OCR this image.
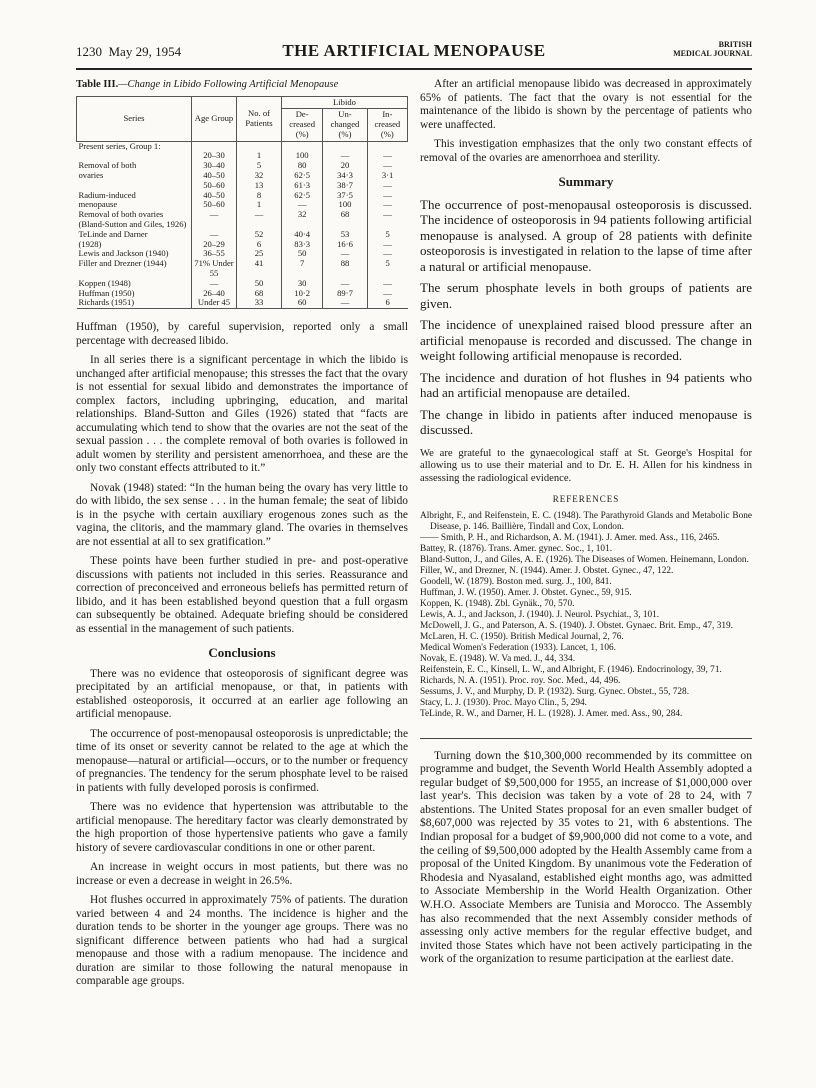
1230 May 29, 1954	THE ARTIFICIAL MENOPAUSE	BRITISH
MEDICAL JOURNAL
Table III.—Change in Libido Following Artificial Menopause
Series	Age Group	No. of Patients	Libido		
			De- creased (%)	Un- changed (%)	In- creased (%)
Present series, Group 1:					
	20–30	1	100	—	—
Removal of both	30–40	5	80	20	—
ovaries	40–50	32	62·5	34·3	3·1
	50–60	13	61·3	38·7	—
Radium-induced	40–50	8	62·5	37·5	—
menopause	50–60	1	—	100	—
Removal of both ovaries (Bland-Sutton and Giles, 1926)	—	—	32	68	—
TeLinde and Darner	—	52	40·4	53	5
(1928)	20–29	6	83·3	16·6	—
Lewis and Jackson (1940)	36–55	25	50	—	—
Filler and Drezner (1944)	71% Under 55	41	7	88	5
Koppen (1948)	—	50	30	—	—
Huffman (1950)	26–40	68	10·2	89·7	—
Richards (1951)	Under 45	33	60	—	6

Huffman (1950), by careful supervision, reported only a small percentage with decreased libido.

In all series there is a significant percentage in which the libido is unchanged after artificial menopause; this stresses the fact that the ovary is not essential for sexual libido and demonstrates the importance of complex factors, including upbringing, education, and marital relationships. Bland-Sutton and Giles (1926) stated that “facts are accumulating which tend to show that the ovaries are not the seat of the sexual passion . . . the complete removal of both ovaries is followed in adult women by sterility and persistent amenorrhoea, and these are the only two constant effects attributed to it.”

Novak (1948) stated: “In the human being the ovary has very little to do with libido, the sex sense . . . in the human female; the seat of libido is in the psyche with certain auxiliary erogenous zones such as the vagina, the clitoris, and the mammary gland. The ovaries in themselves are not essential at all to sex gratification.”

These points have been further studied in pre- and post-operative discussions with patients not included in this series. Reassurance and correction of preconceived and erroneous beliefs has permitted return of libido, and it has been established beyond question that a full orgasm can subsequently be obtained. Adequate briefing should be considered as essential in the management of such patients.

Conclusions

There was no evidence that osteoporosis of significant degree was precipitated by an artificial menopause, or that, in patients with established osteoporosis, it occurred at an earlier age following an artificial menopause.

The occurrence of post-menopausal osteoporosis is unpredictable; the time of its onset or severity cannot be related to the age at which the menopause—natural or artificial—occurs, or to the number or frequency of pregnancies. The tendency for the serum phosphate level to be raised in patients with fully developed porosis is confirmed.

There was no evidence that hypertension was attributable to the artificial menopause. The hereditary factor was clearly demonstrated by the high proportion of those hypertensive patients who gave a family history of severe cardiovascular conditions in one or other parent.

An increase in weight occurs in most patients, but there was no increase or even a decrease in weight in 26.5%.

Hot flushes occurred in approximately 75% of patients. The duration varied between 4 and 24 months. The incidence is higher and the duration tends to be shorter in the younger age groups. There was no significant difference between patients who had had a surgical menopause and those with a radium menopause. The incidence and duration are similar to those following the natural menopause in comparable age groups.

After an artificial menopause libido was decreased in approximately 65% of patients. The fact that the ovary is not essential for the maintenance of the libido is shown by the percentage of patients who were unaffected.

This investigation emphasizes that the only two constant effects of removal of the ovaries are amenorrhoea and sterility.

Summary

The occurrence of post-menopausal osteoporosis is discussed. The incidence of osteoporosis in 94 patients following artificial menopause is analysed. A group of 28 patients with definite osteoporosis is investigated in relation to the lapse of time after a natural or artificial menopause.

The serum phosphate levels in both groups of patients are given.

The incidence of unexplained raised blood pressure after an artificial menopause is recorded and discussed. The change in weight following artificial menopause is recorded.

The incidence and duration of hot flushes in 94 patients who had an artificial menopause are detailed.

The change in libido in patients after induced menopause is discussed.

We are grateful to the gynaecological staff at St. George's Hospital for allowing us to use their material and to Dr. E. H. Allen for his kindness in assessing the radiological evidence.

REFERENCES

Albright, F., and Reifenstein, E. C. (1948). The Parathyroid Glands and Metabolic Bone Disease, p. 146. Baillière, Tindall and Cox, London.

—— Smith, P. H., and Richardson, A. M. (1941). J. Amer. med. Ass., 116, 2465.

Battey, R. (1876). Trans. Amer. gynec. Soc., 1, 101.

Bland-Sutton, J., and Giles, A. E. (1926). The Diseases of Women. Heinemann, London.

Filler, W., and Drezner, N. (1944). Amer. J. Obstet. Gynec., 47, 122.

Goodell, W. (1879). Boston med. surg. J., 100, 841.

Huffman, J. W. (1950). Amer. J. Obstet. Gynec., 59, 915.

Koppen, K. (1948). Zbl. Gynäk., 70, 570.

Lewis, A. J., and Jackson, J. (1940). J. Neurol. Psychiat., 3, 101.

McDowell, J. G., and Paterson, A. S. (1940). J. Obstet. Gynaec. Brit. Emp., 47, 319.

McLaren, H. C. (1950). British Medical Journal, 2, 76.

Medical Women's Federation (1933). Lancet, 1, 106.

Novak, E. (1948). W. Va med. J., 44, 334.

Reifenstein, E. C., Kinsell, L. W., and Albright, F. (1946). Endocrinology, 39, 71.

Richards, N. A. (1951). Proc. roy. Soc. Med., 44, 496.

Sessums, J. V., and Murphy, D. P. (1932). Surg. Gynec. Obstet., 55, 728.

Stacy, L. J. (1930). Proc. Mayo Clin., 5, 294.

TeLinde, R. W., and Darner, H. L. (1928). J. Amer. med. Ass., 90, 284.

Turning down the $10,300,000 recommended by its committee on programme and budget, the Seventh World Health Assembly adopted a regular budget of $9,500,000 for 1955, an increase of $1,000,000 over last year's. This decision was taken by a vote of 28 to 24, with 7 abstentions. The United States proposal for an even smaller budget of $8,607,000 was rejected by 35 votes to 21, with 6 abstentions. The Indian proposal for a budget of $9,900,000 did not come to a vote, and the ceiling of $9,500,000 adopted by the Health Assembly came from a proposal of the United Kingdom. By unanimous vote the Federation of Rhodesia and Nyasaland, established eight months ago, was admitted to Associate Membership in the World Health Organization. Other W.H.O. Associate Members are Tunisia and Morocco. The Assembly has also recommended that the next Assembly consider methods of assessing only active members for the regular effective budget, and invited those States which have not been actively participating in the work of the organization to resume participation at the earliest date.
